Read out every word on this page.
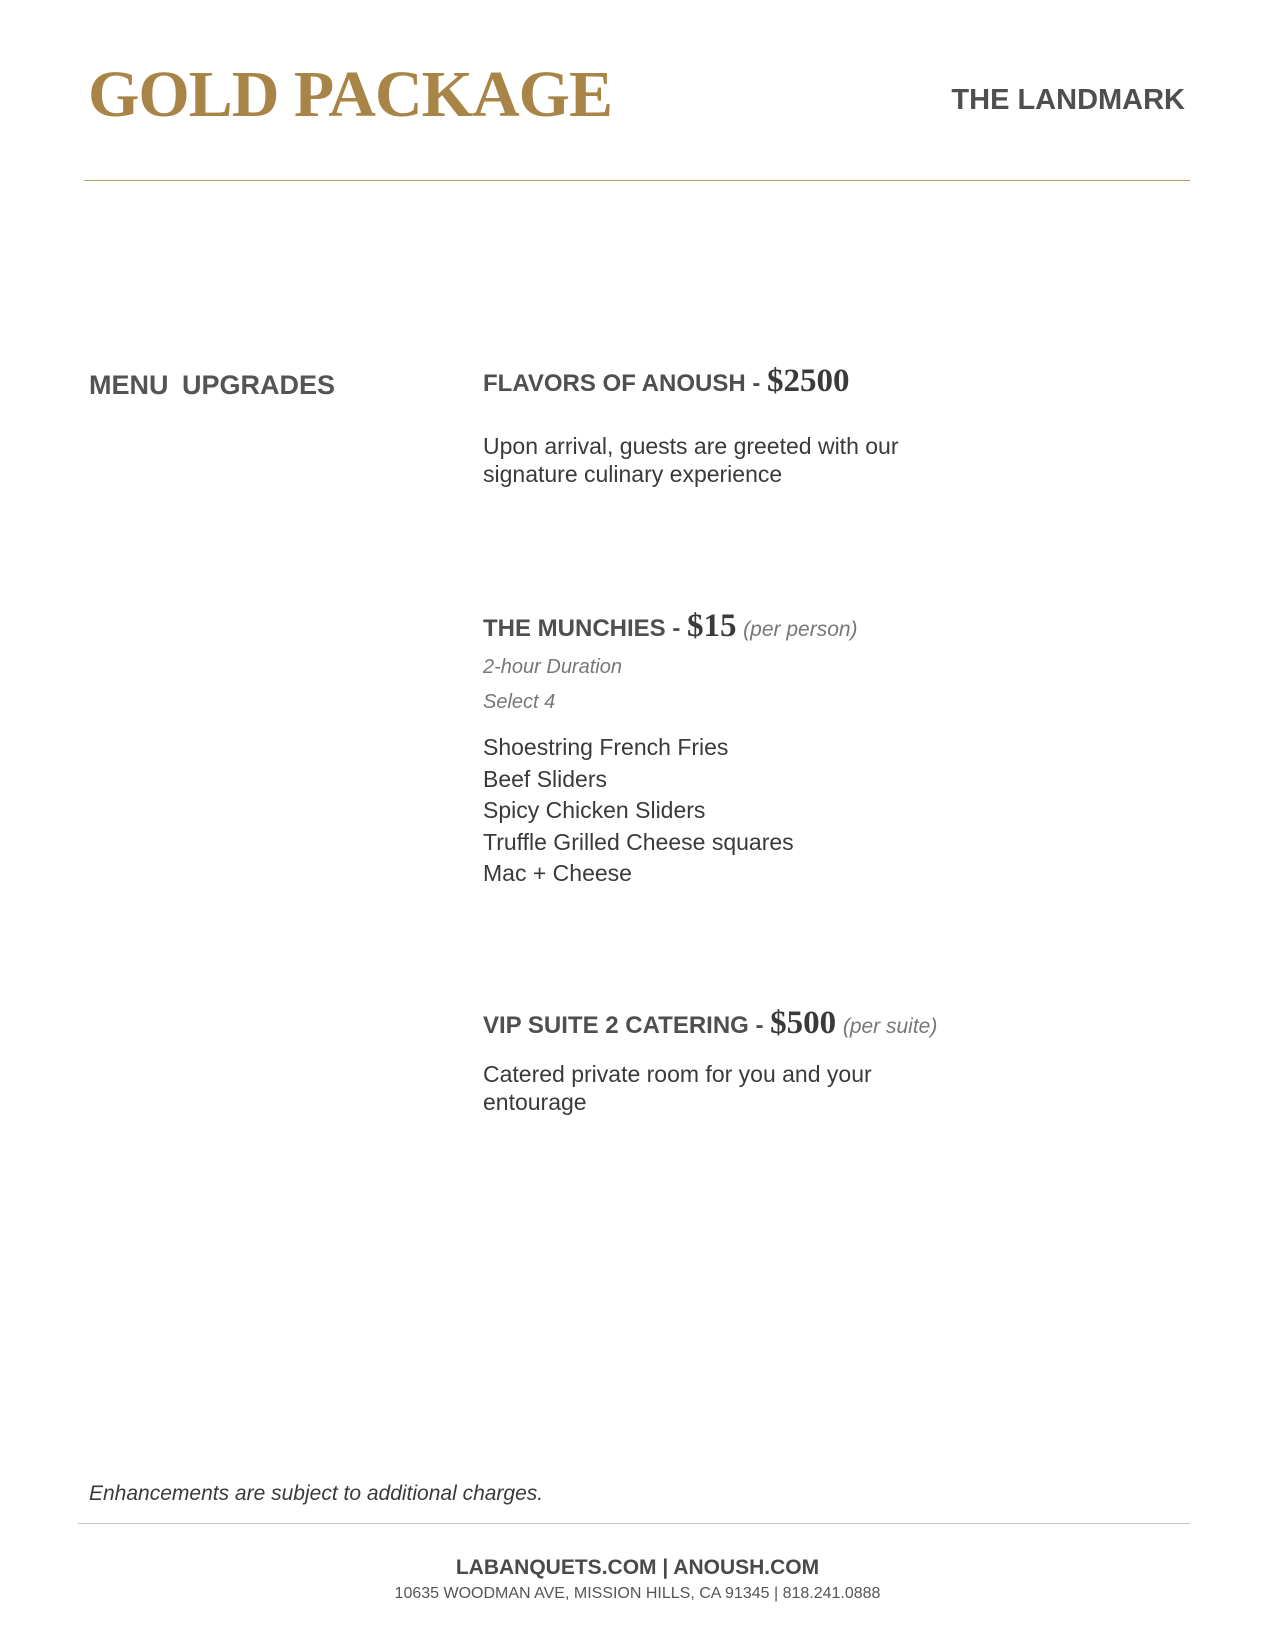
GOLD PACKAGE	THE LANDMARK
MENU UPGRADES	FLAVORS OF ANOUSH - $2500
Upon arrival, guests are greeted with our signature culinary experience
THE MUNCHIES - $15 (per person)
2-hour Duration
Select 4
Shoestring French Fries
Beef Sliders
Spicy Chicken Sliders
Truffle Grilled Cheese squares
Mac + Cheese
VIP SUITE 2 CATERING - $500 (per suite)
Catered private room for you and your entourage
Enhancements are subject to additional charges.
LABANQUETS.COM | ANOUSH.COM
10635 WOODMAN AVE, MISSION HILLS, CA 91345 | 818.241.0888
